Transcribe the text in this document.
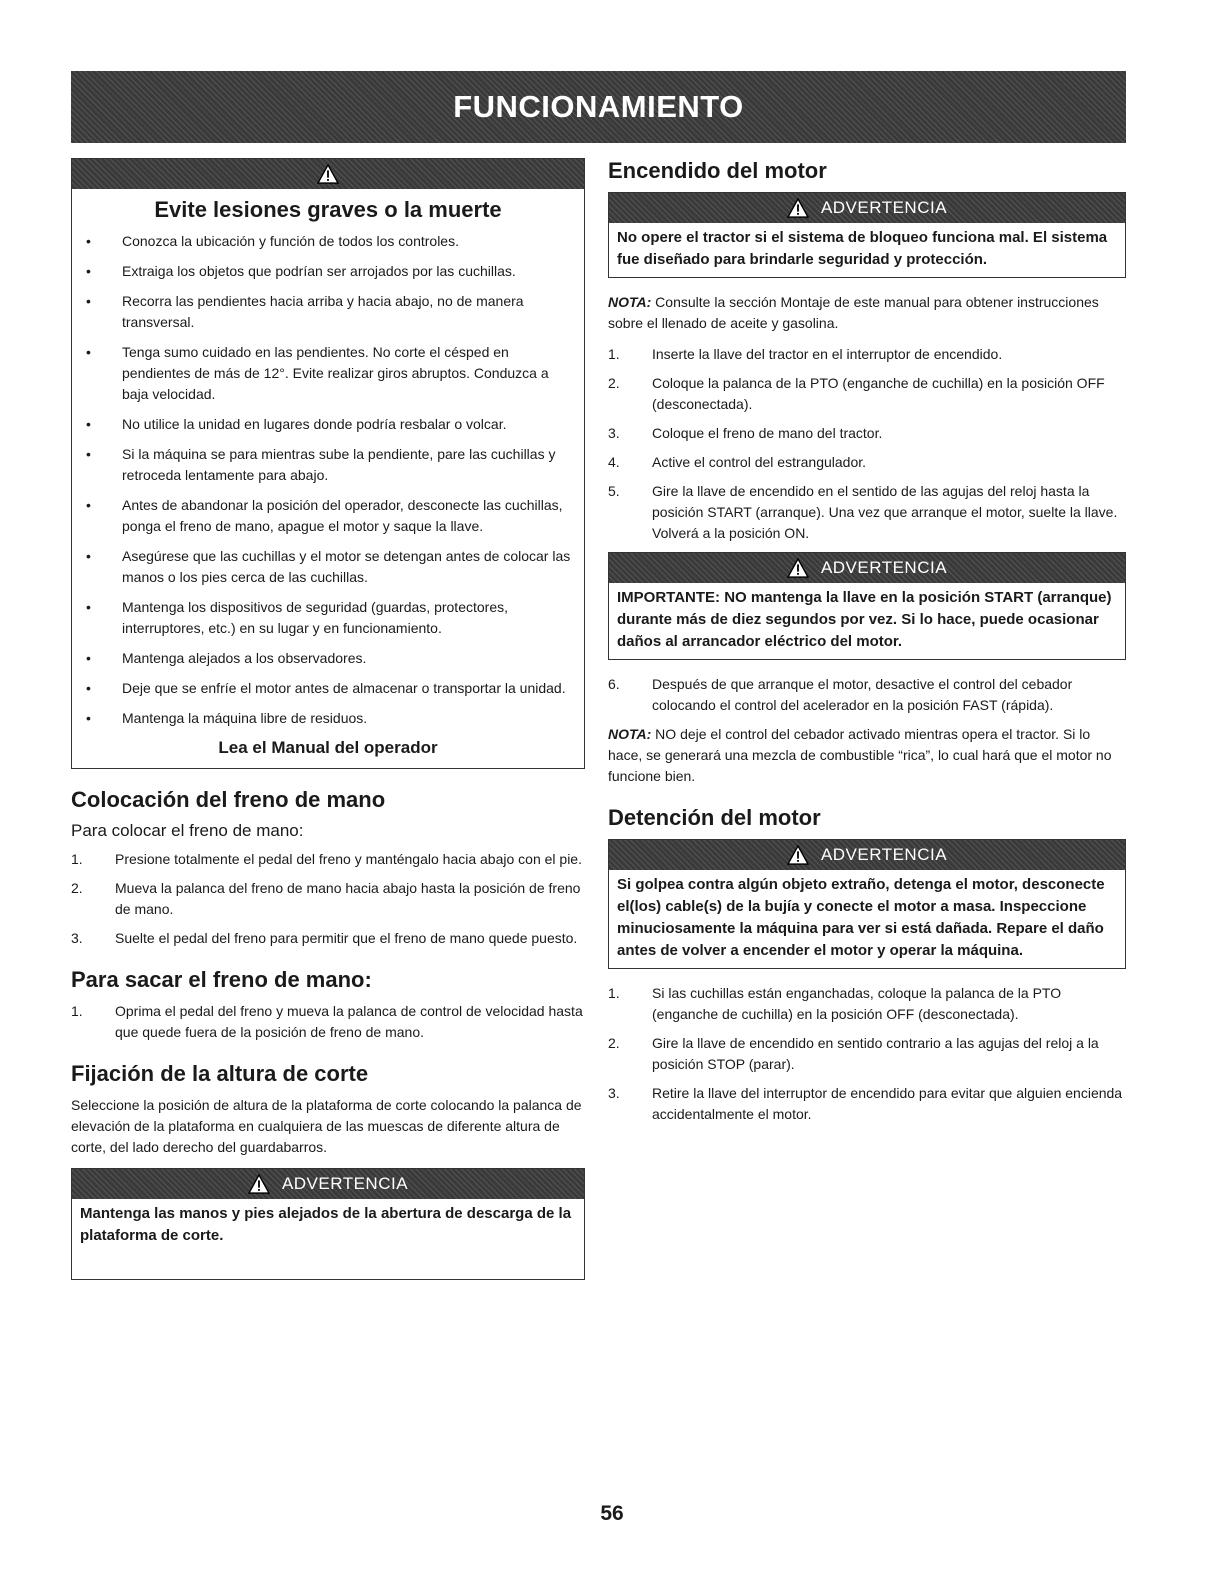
FUNCIONAMIENTO
Evite lesiones graves o la muerte
• Conozca la ubicación y función de todos los controles.
• Extraiga los objetos que podrían ser arrojados por las cuchillas.
• Recorra las pendientes hacia arriba y hacia abajo, no de manera transversal.
• Tenga sumo cuidado en las pendientes. No corte el césped en pendientes de más de 12°. Evite realizar giros abruptos. Conduzca a baja velocidad.
• No utilice la unidad en lugares donde podría resbalar o volcar.
• Si la máquina se para mientras sube la pendiente, pare las cuchillas y retroceda lentamente para abajo.
• Antes de abandonar la posición del operador, desconecte las cuchillas, ponga el freno de mano, apague el motor y saque la llave.
• Asegúrese que las cuchillas y el motor se detengan antes de colocar las manos o los pies cerca de las cuchillas.
• Mantenga los dispositivos de seguridad (guardas, protectores, interruptores, etc.) en su lugar y en funcionamiento.
• Mantenga alejados a los observadores.
• Deje que se enfríe el motor antes de almacenar o transportar la unidad.
• Mantenga la máquina libre de residuos.
Lea el Manual del operador
Colocación del freno de mano
Para colocar el freno de mano:
1. Presione totalmente el pedal del freno y manténgalo hacia abajo con el pie.
2. Mueva la palanca del freno de mano hacia abajo hasta la posición de freno de mano.
3. Suelte el pedal del freno para permitir que el freno de mano quede puesto.
Para sacar el freno de mano:
1. Oprima el pedal del freno y mueva la palanca de control de velocidad hasta que quede fuera de la posición de freno de mano.
Fijación de la altura de corte

Seleccione la posición de altura de la plataforma de corte colocando la palanca de elevación de la plataforma en cualquiera de las muescas de diferente altura de corte, del lado derecho del guardabarros.

ADVERTENCIA
Mantenga las manos y pies alejados de la abertura de descarga de la plataforma de corte.
Encendido del motor
ADVERTENCIA
No opere el tractor si el sistema de bloqueo funciona mal. El sistema fue diseñado para brindarle seguridad y protección.

NOTA: Consulte la sección Montaje de este manual para obtener instrucciones sobre el llenado de aceite y gasolina.

1. Inserte la llave del tractor en el interruptor de encendido.
2. Coloque la palanca de la PTO (enganche de cuchilla) en la posición OFF (desconectada).
3. Coloque el freno de mano del tractor.
4. Active el control del estrangulador.
5. Gire la llave de encendido en el sentido de las agujas del reloj hasta la posición START (arranque). Una vez que arranque el motor, suelte la llave. Volverá a la posición ON.
ADVERTENCIA
IMPORTANTE: NO mantenga la llave en la posición START (arranque) durante más de diez segundos por vez. Si lo hace, puede ocasionar daños al arrancador eléctrico del motor.
6. Después de que arranque el motor, desactive el control del cebador colocando el control del acelerador en la posición FAST (rápida).

NOTA: NO deje el control del cebador activado mientras opera el tractor. Si lo hace, se generará una mezcla de combustible “rica”, lo cual hará que el motor no funcione bien.

Detención del motor
ADVERTENCIA
Si golpea contra algún objeto extraño, detenga el motor, desconecte el(los) cable(s) de la bujía y conecte el motor a masa. Inspeccione minuciosamente la máquina para ver si está dañada. Repare el daño antes de volver a encender el motor y operar la máquina.
1. Si las cuchillas están enganchadas, coloque la palanca de la PTO (enganche de cuchilla) en la posición OFF (desconectada).
2. Gire la llave de encendido en sentido contrario a las agujas del reloj a la posición STOP (parar).
3. Retire la llave del interruptor de encendido para evitar que alguien encienda accidentalmente el motor.
56
